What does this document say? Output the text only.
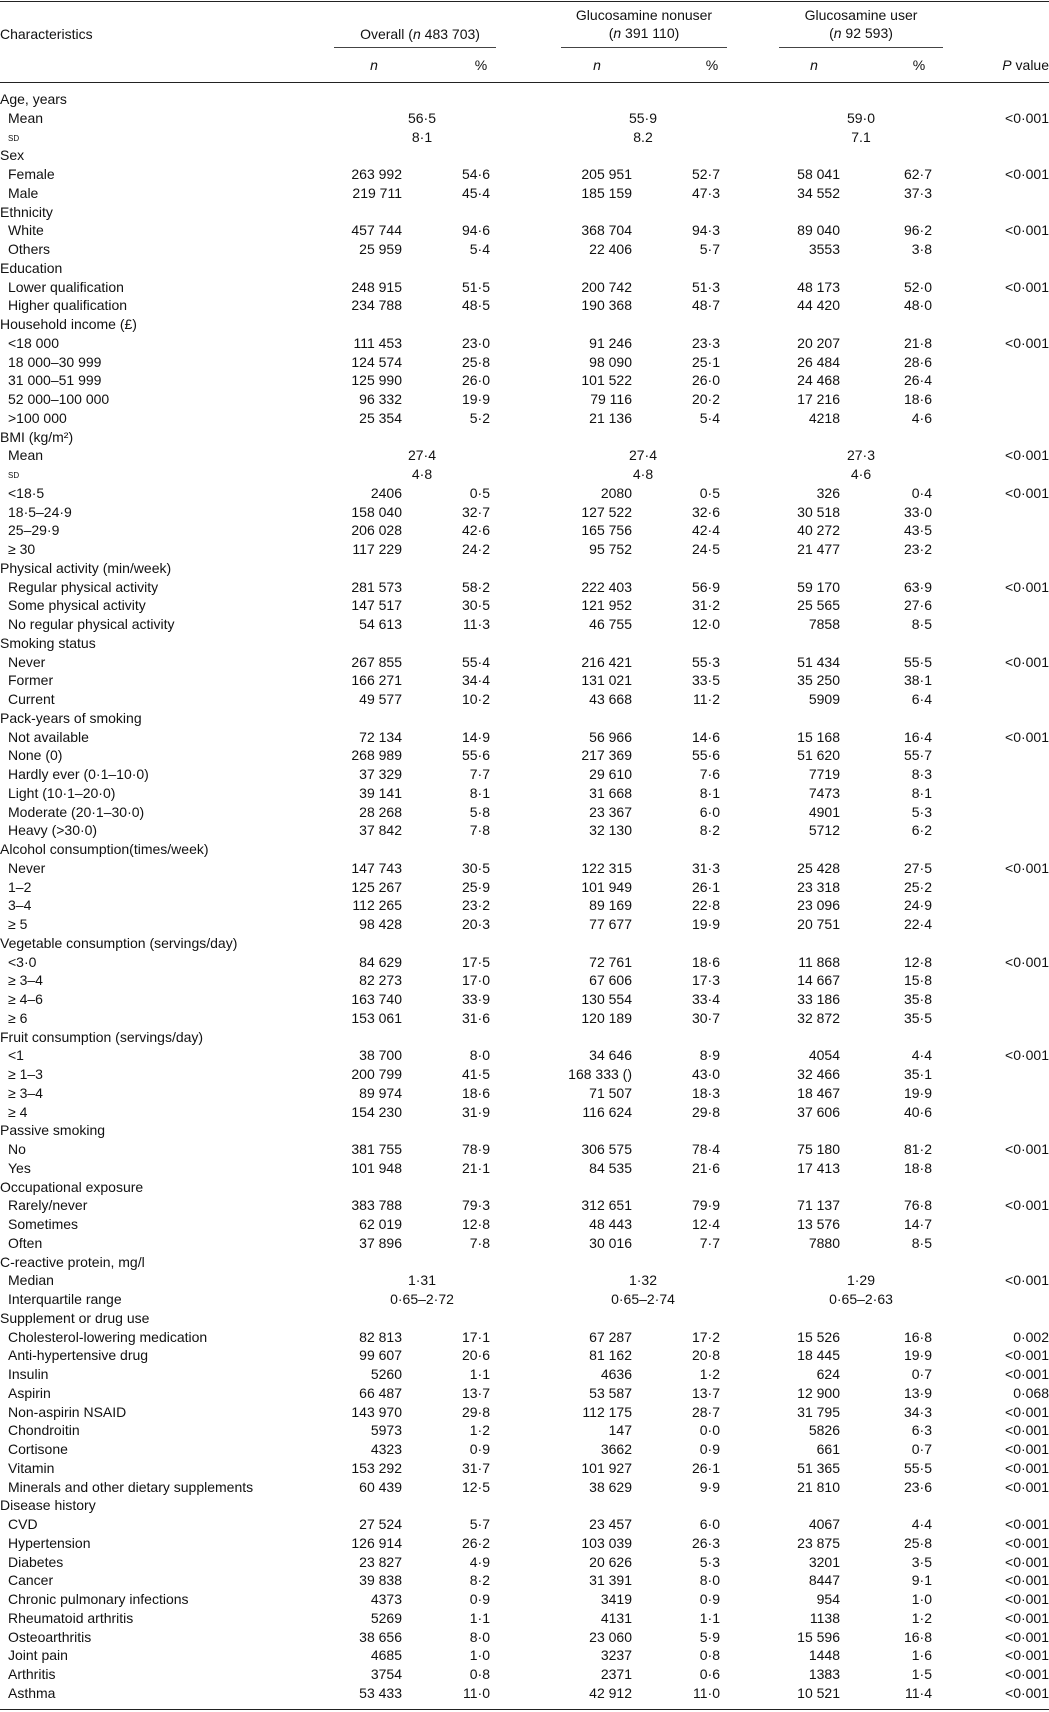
Characteristics	Overall (n 483 703)
Glucosamine nonuser
(n 391 110)
Glucosamine user
(n 92 593)
n	%	n	%	n	%	P value
Age, years
Mean	56·5	55·9	59·0	<0·001
sd	8·1	8.2	7.1
Sex
Female	263 992	54·6	205 951	52·7	58 041	62·7	<0·001
Male	219 711	45·4	185 159	47·3	34 552	37·3
Ethnicity
White	457 744	94·6	368 704	94·3	89 040	96·2	<0·001
Others	25 959	5·4	22 406	5·7	3553	3·8
Education
Lower qualification	248 915	51·5	200 742	51·3	48 173	52·0	<0·001
Higher qualification	234 788	48·5	190 368	48·7	44 420	48·0
Household income (£)
<18 000	111 453	23·0	91 246	23·3	20 207	21·8	<0·001
18 000–30 999	124 574	25·8	98 090	25·1	26 484	28·6
31 000–51 999	125 990	26·0	101 522	26·0	24 468	26·4
52 000–100 000	96 332	19·9	79 116	20·2	17 216	18·6
>100 000	25 354	5·2	21 136	5·4	4218	4·6
BMI (kg/m²)
Mean	27·4	27·4	27·3	<0·001
sd	4·8	4·8	4·6
<18·5	2406	0·5	2080	0·5	326	0·4	<0·001
18·5–24·9	158 040	32·7	127 522	32·6	30 518	33·0
25–29·9	206 028	42·6	165 756	42·4	40 272	43·5
≥ 30	117 229	24·2	95 752	24·5	21 477	23·2
Physical activity (min/week)
Regular physical activity	281 573	58·2	222 403	56·9	59 170	63·9	<0·001
Some physical activity	147 517	30·5	121 952	31·2	25 565	27·6
No regular physical activity	54 613	11·3	46 755	12·0	7858	8·5
Smoking status
Never	267 855	55·4	216 421	55·3	51 434	55·5	<0·001
Former	166 271	34·4	131 021	33·5	35 250	38·1
Current	49 577	10·2	43 668	11·2	5909	6·4
Pack-years of smoking
Not available	72 134	14·9	56 966	14·6	15 168	16·4	<0·001
None (0)	268 989	55·6	217 369	55·6	51 620	55·7
Hardly ever (0·1–10·0)	37 329	7·7	29 610	7·6	7719	8·3
Light (10·1–20·0)	39 141	8·1	31 668	8·1	7473	8·1
Moderate (20·1–30·0)	28 268	5·8	23 367	6·0	4901	5·3
Heavy (>30·0)	37 842	7·8	32 130	8·2	5712	6·2
Alcohol consumption(times/week)
Never	147 743	30·5	122 315	31·3	25 428	27·5	<0·001
1–2	125 267	25·9	101 949	26·1	23 318	25·2
3–4	112 265	23·2	89 169	22·8	23 096	24·9
≥ 5	98 428	20·3	77 677	19·9	20 751	22·4
Vegetable consumption (servings/day)
<3·0	84 629	17·5	72 761	18·6	11 868	12·8	<0·001
≥ 3–4	82 273	17·0	67 606	17·3	14 667	15·8
≥ 4–6	163 740	33·9	130 554	33·4	33 186	35·8
≥ 6	153 061	31·6	120 189	30·7	32 872	35·5
Fruit consumption (servings/day)
<1	38 700	8·0	34 646	8·9	4054	4·4	<0·001
≥ 1–3	200 799	41·5	168 333 ()	43·0	32 466	35·1
≥ 3–4	89 974	18·6	71 507	18·3	18 467	19·9
≥ 4	154 230	31·9	116 624	29·8	37 606	40·6
Passive smoking
No	381 755	78·9	306 575	78·4	75 180	81·2	<0·001
Yes	101 948	21·1	84 535	21·6	17 413	18·8
Occupational exposure
Rarely/never	383 788	79·3	312 651	79·9	71 137	76·8	<0·001
Sometimes	62 019	12·8	48 443	12·4	13 576	14·7
Often	37 896	7·8	30 016	7·7	7880	8·5
C-reactive protein, mg/l
Median	1·31	1·32	1·29	<0·001
Interquartile range	0·65–2·72	0·65–2·74	0·65–2·63
Supplement or drug use
Cholesterol-lowering medication	82 813	17·1	67 287	17·2	15 526	16·8	0·002
Anti-hypertensive drug	99 607	20·6	81 162	20·8	18 445	19·9	<0·001
Insulin	5260	1·1	4636	1·2	624	0·7	<0·001
Aspirin	66 487	13·7	53 587	13·7	12 900	13·9	0·068
Non-aspirin NSAID	143 970	29·8	112 175	28·7	31 795	34·3	<0·001
Chondroitin	5973	1·2	147	0·0	5826	6·3	<0·001
Cortisone	4323	0·9	3662	0·9	661	0·7	<0·001
Vitamin	153 292	31·7	101 927	26·1	51 365	55·5	<0·001
Minerals and other dietary supplements	60 439	12·5	38 629	9·9	21 810	23·6	<0·001
Disease history
CVD	27 524	5·7	23 457	6·0	4067	4·4	<0·001
Hypertension	126 914	26·2	103 039	26·3	23 875	25·8	<0·001
Diabetes	23 827	4·9	20 626	5·3	3201	3·5	<0·001
Cancer	39 838	8·2	31 391	8·0	8447	9·1	<0·001
Chronic pulmonary infections	4373	0·9	3419	0·9	954	1·0	<0·001
Rheumatoid arthritis	5269	1·1	4131	1·1	1138	1·2	<0·001
Osteoarthritis	38 656	8·0	23 060	5·9	15 596	16·8	<0·001
Joint pain	4685	1·0	3237	0·8	1448	1·6	<0·001
Arthritis	3754	0·8	2371	0·6	1383	1·5	<0·001
Asthma	53 433	11·0	42 912	11·0	10 521	11·4	<0·001
